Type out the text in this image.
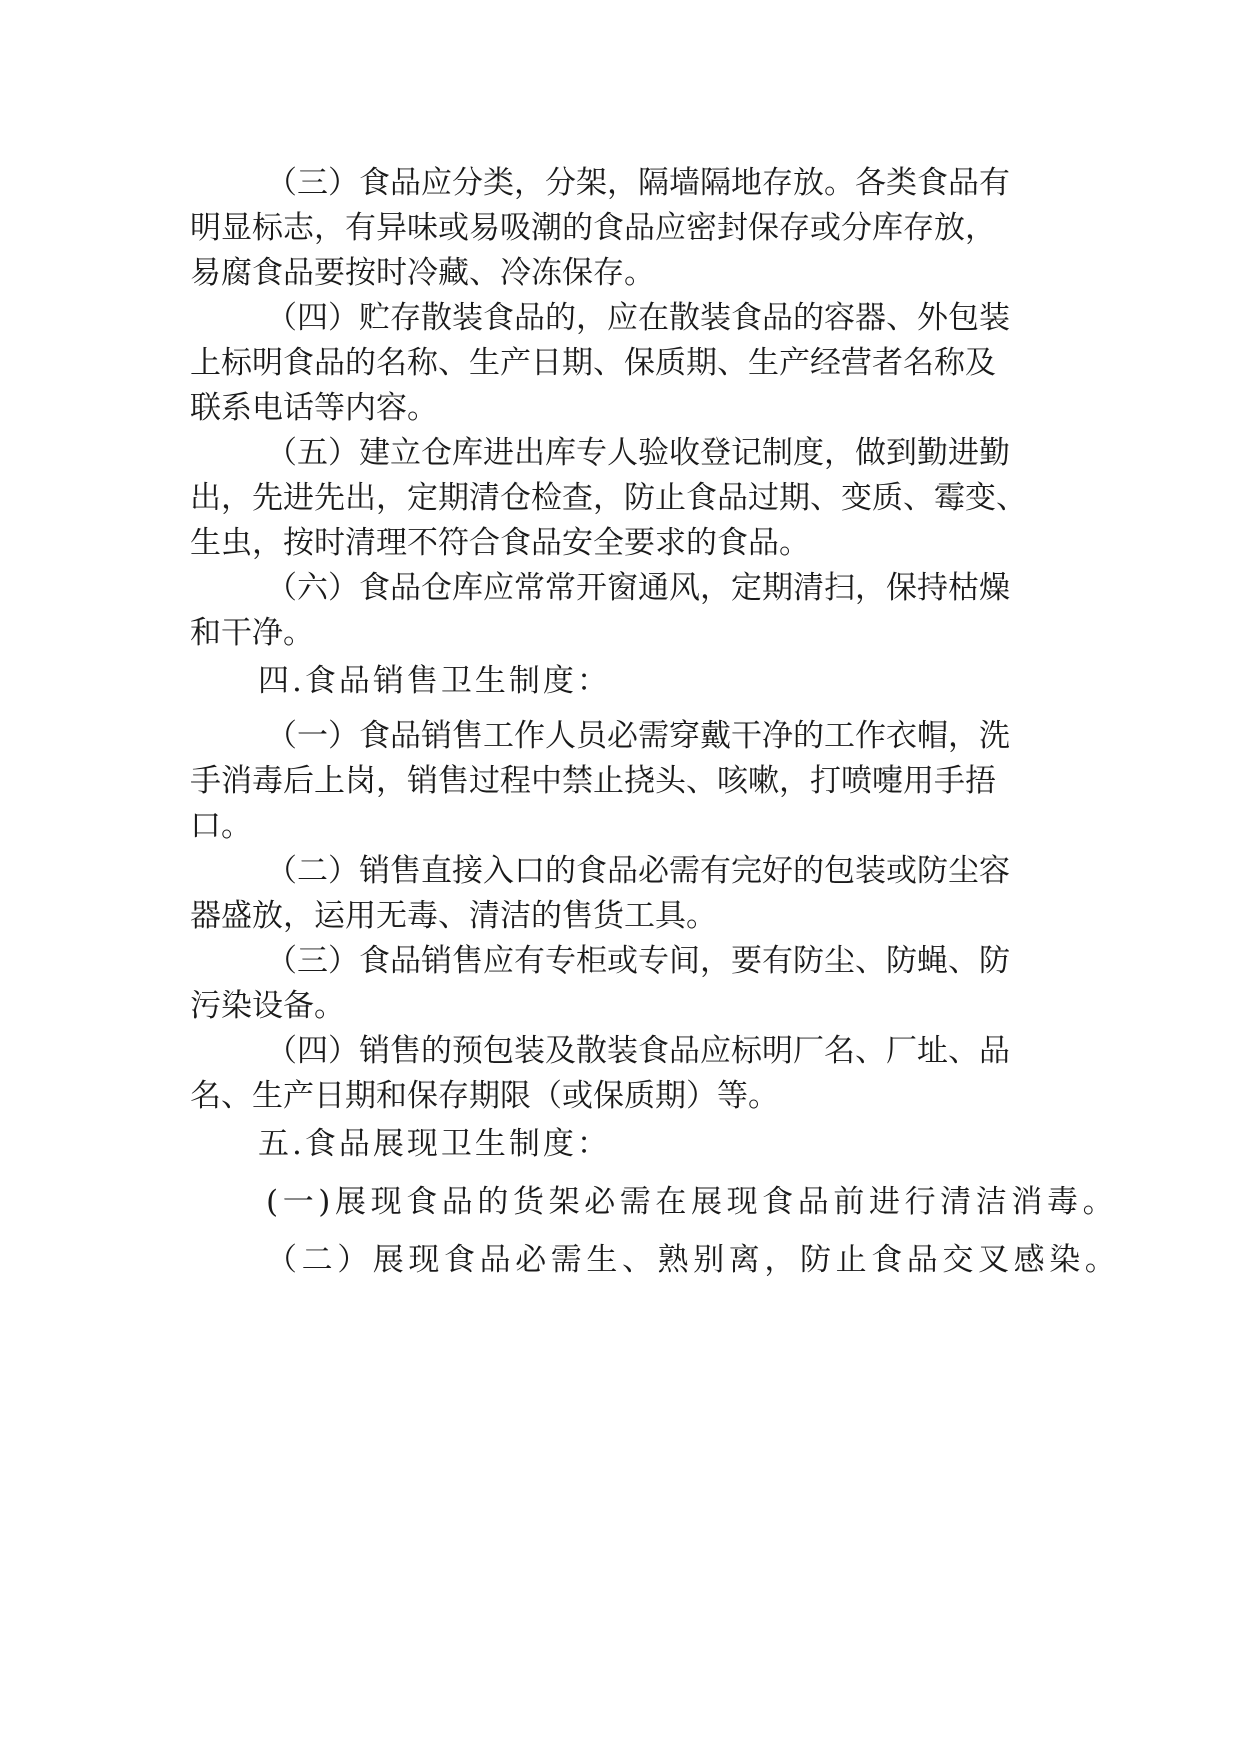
（三）食品应分类，分架，隔墙隔地存放。各类食品有
明显标志，有异味或易吸潮的食品应密封保存或分库存放，
易腐食品要按时冷藏、冷冻保存。
（四）贮存散装食品的，应在散装食品的容器、外包装
上标明食品的名称、生产日期、保质期、生产经营者名称及
联系电话等内容。
（五）建立仓库进出库专人验收登记制度，做到勤进勤
出，先进先出，定期清仓检查，防止食品过期、变质、霉变、
生虫，按时清理不符合食品安全要求的食品。
（六）食品仓库应常常开窗通风，定期清扫，保持枯燥
和干净。
四.食品销售卫生制度：
（一）食品销售工作人员必需穿戴干净的工作衣帽，洗
手消毒后上岗，销售过程中禁止挠头、咳嗽，打喷嚏用手捂
口。
（二）销售直接入口的食品必需有完好的包装或防尘容
器盛放，运用无毒、清洁的售货工具。
（三）食品销售应有专柜或专间，要有防尘、防蝇、防
污染设备。
（四）销售的预包装及散装食品应标明厂名、厂址、品
名、生产日期和保存期限（或保质期）等。
五.食品展现卫生制度：
(一)展现食品的货架必需在展现食品前进行清洁消毒。
（二）展现食品必需生、熟别离，防止食品交叉感染。
